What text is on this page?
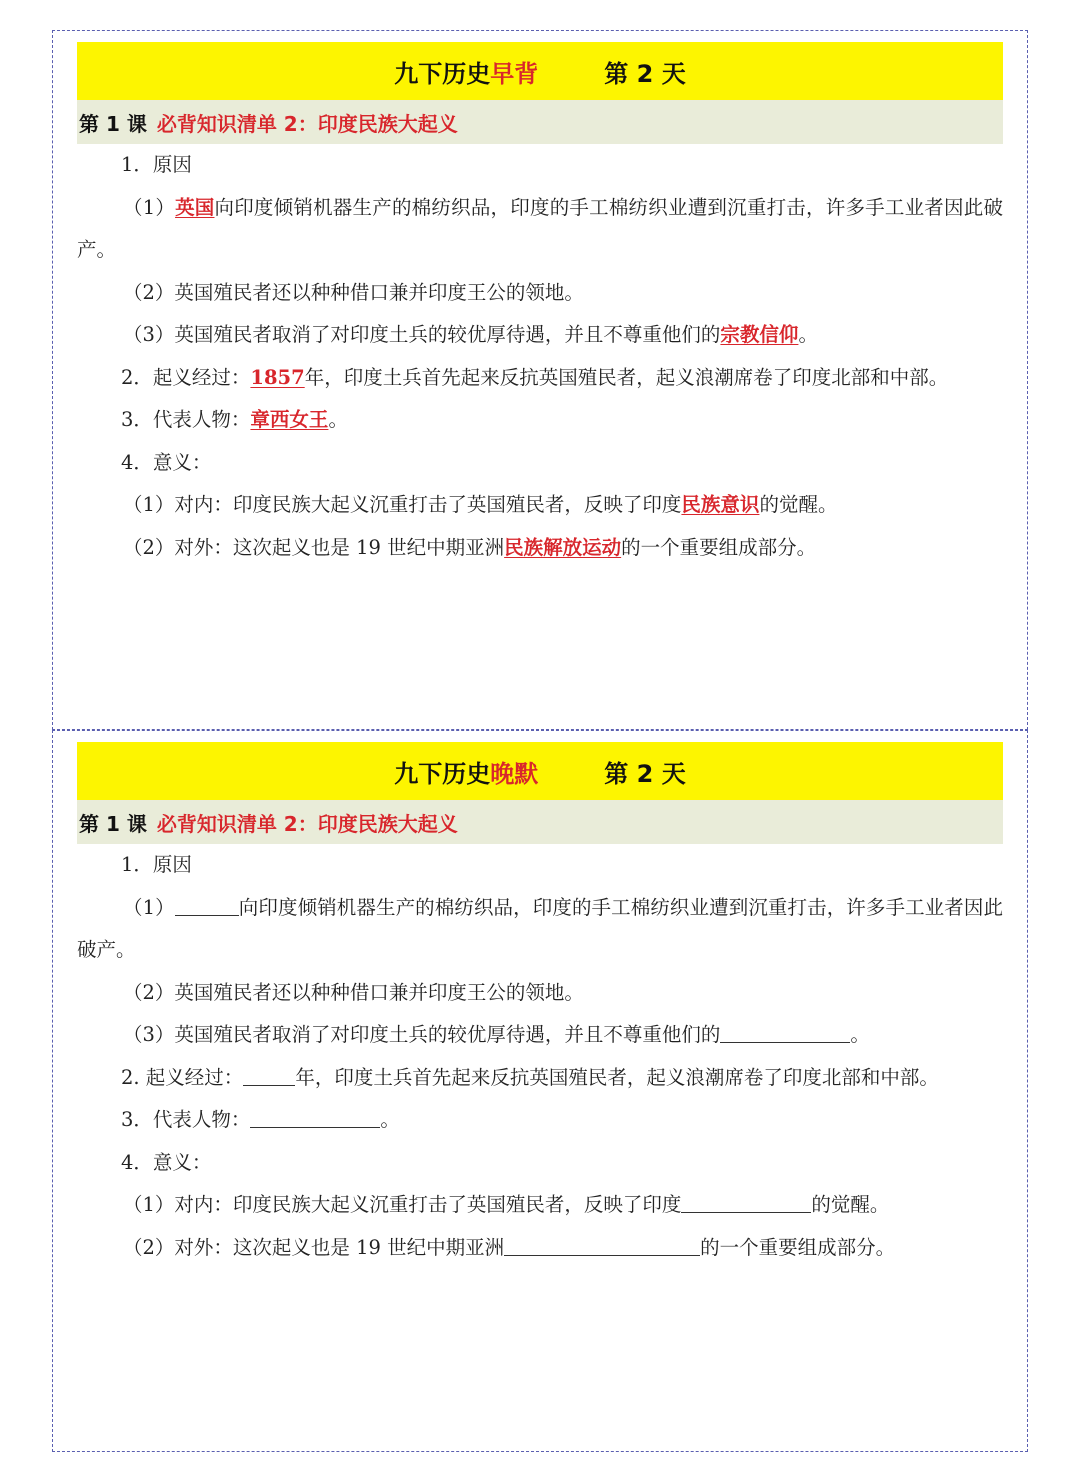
九下历史 早背	第 2 天
第 1 课 必背知识清单 2：印度民族大起义
1．原因
（1）英国向印度倾销机器生产的棉纺织品，印度的手工棉纺织业遭到沉重打击，许多手工业者因此破产。
（2）英国殖民者还以种种借口兼并印度王公的领地。
（3）英国殖民者取消了对印度土兵的较优厚待遇，并且不尊重他们的宗教信仰。
2．起义经过：1857年，印度土兵首先起来反抗英国殖民者，起义浪潮席卷了印度北部和中部。
3．代表人物：章西女王。
4．意义：
（1）对内：印度民族大起义沉重打击了英国殖民者，反映了印度民族意识的觉醒。
（2）对外：这次起义也是 19 世纪中期亚洲民族解放运动的一个重要组成部分。
九下历史 晚默	第 2 天
第 1 课 必背知识清单 2：印度民族大起义
1．原因
（1）	向印度倾销机器生产的棉纺织品，印度的手工棉纺织业遭到沉重打击，许多手工业者因此破产。
（2）英国殖民者还以种种借口兼并印度王公的领地。
（3）英国殖民者取消了对印度土兵的较优厚待遇，并且不尊重他们的	。
2. 起义经过：	年，印度土兵首先起来反抗英国殖民者，起义浪潮席卷了印度北部和中部。
3．代表人物：	。
4．意义：
（1）对内：印度民族大起义沉重打击了英国殖民者，反映了印度	的觉醒。
（2）对外：这次起义也是 19 世纪中期亚洲	的一个重要组成部分。
